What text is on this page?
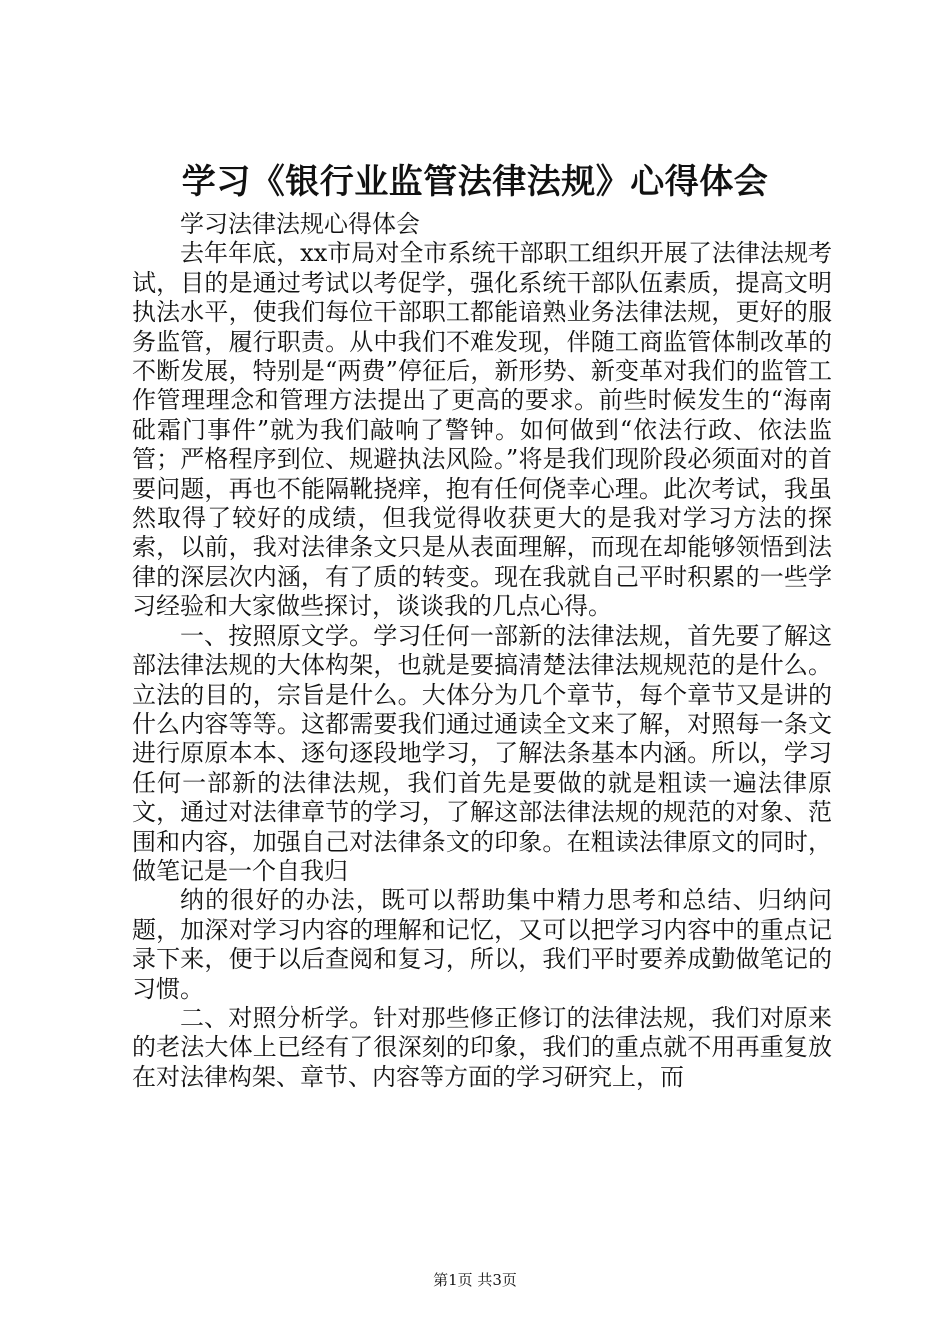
学习《银行业监管法律法规》心得体会

学习法律法规心得体会

去年年底，xx市局对全市系统干部职工组织开展了法律法规考试，目的是通过考试以考促学，强化系统干部队伍素质，提高文明执法水平，使我们每位干部职工都能谙熟业务法律法规，更好的服务监管，履行职责。从中我们不难发现，伴随工商监管体制改革的不断发展，特别是“两费”停征后，新形势、新变革对我们的监管工作管理理念和管理方法提出了更高的要求。前些时候发生的“海南砒霜门事件”就为我们敲响了警钟。如何做到“依法行政、依法监管；严格程序到位、规避执法风险。”将是我们现阶段必须面对的首要问题，再也不能隔靴挠痒，抱有任何侥幸心理。此次考试，我虽然取得了较好的成绩，但我觉得收获更大的是我对学习方法的探索，以前，我对法律条文只是从表面理解，而现在却能够领悟到法律的深层次内涵，有了质的转变。现在我就自己平时积累的一些学习经验和大家做些探讨，谈谈我的几点心得。

一、按照原文学。学习任何一部新的法律法规，首先要了解这部法律法规的大体构架，也就是要搞清楚法律法规规范的是什么。立法的目的，宗旨是什么。大体分为几个章节，每个章节又是讲的什么内容等等。这都需要我们通过通读全文来了解，对照每一条文进行原原本本、逐句逐段地学习，了解法条基本内涵。所以，学习任何一部新的法律法规，我们首先是要做的就是粗读一遍法律原文，通过对法律章节的学习，了解这部法律法规的规范的对象、范围和内容，加强自己对法律条文的印象。在粗读法律原文的同时，做笔记是一个自我归

纳的很好的办法，既可以帮助集中精力思考和总结、归纳问题，加深对学习内容的理解和记忆，又可以把学习内容中的重点记录下来，便于以后查阅和复习，所以，我们平时要养成勤做笔记的习惯。

二、对照分析学。针对那些修正修订的法律法规，我们对原来的老法大体上已经有了很深刻的印象，我们的重点就不用再重复放在对法律构架、章节、内容等方面的学习研究上，而

第1页 共3页
